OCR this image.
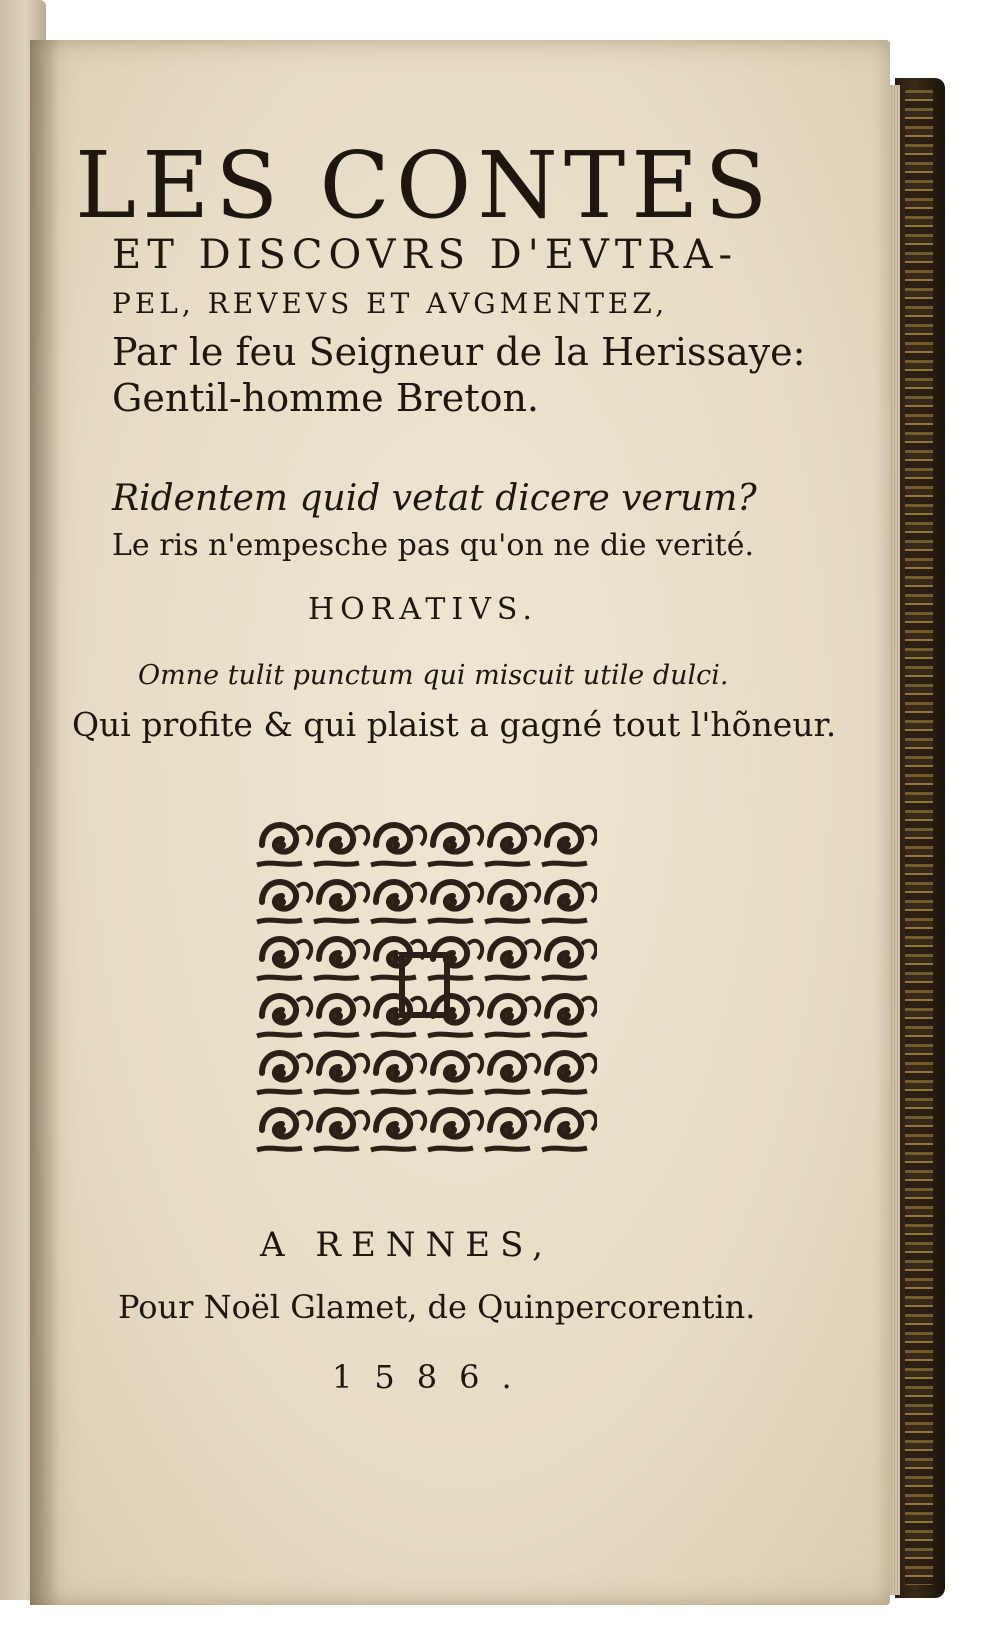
LES CONTES
ET DISCOVRS D'EVTRA-
PEL, REVEVS ET AVGMENTEZ,
Par le feu Seigneur de la Herissaye:
Gentil-homme Breton.
Ridentem quid vetat dicere verum?
Le ris n'empesche pas qu'on ne die verité.
HORATIVS.
Omne tulit punctum qui miscuit utile dulci.
Qui profite & qui plaist a gagné tout l'hõneur.
A RENNES,
Pour Noël Glamet, de Quinpercorentin.
1586.
